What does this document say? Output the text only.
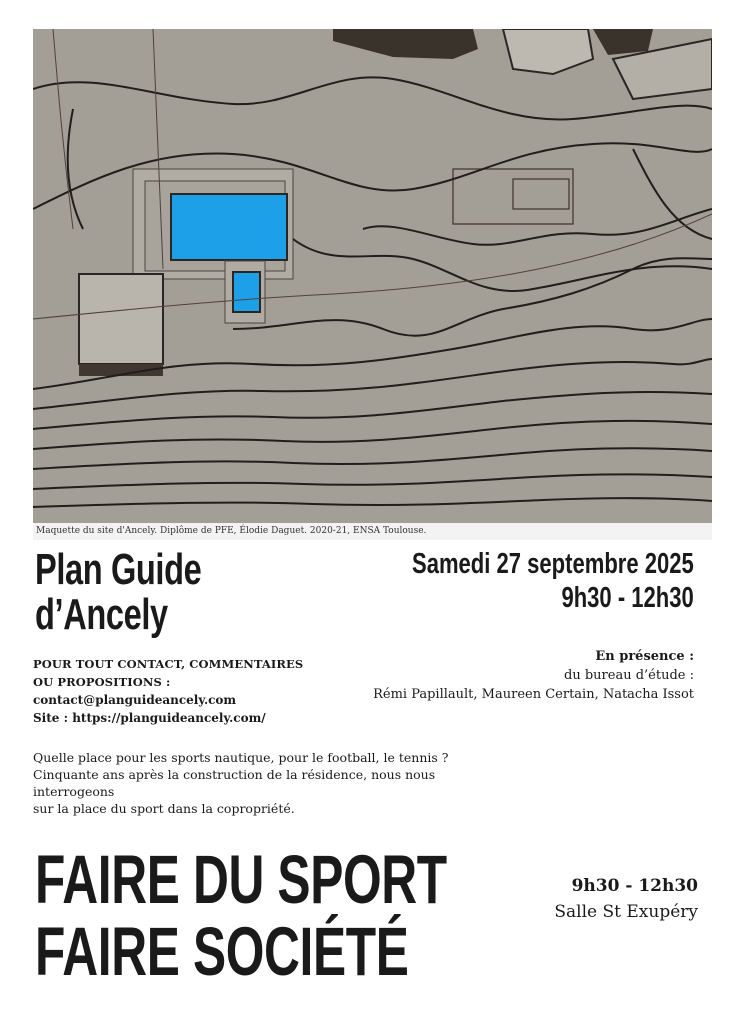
Maquette du site d'Ancely. Diplôme de PFE, Élodie Daguet. 2020-21, ENSA Toulouse.
Plan Guide
d’Ancely
Samedi 27 septembre 2025
9h30 - 12h30
POUR TOUT CONTACT, COMMENTAIRES
OU PROPOSITIONS :
contact@planguideancely.com
Site : https://planguideancely.com/
En présence :
du bureau d’étude :
Rémi Papillault, Maureen Certain, Natacha Issot
Quelle place pour les sports nautique, pour le football, le tennis ?
Cinquante ans après la construction de la résidence, nous nous interrogeons
sur la place du sport dans la copropriété.
FAIRE DU SPORT
FAIRE SOCIÉTÉ
9h30 - 12h30
Salle St Exupéry
